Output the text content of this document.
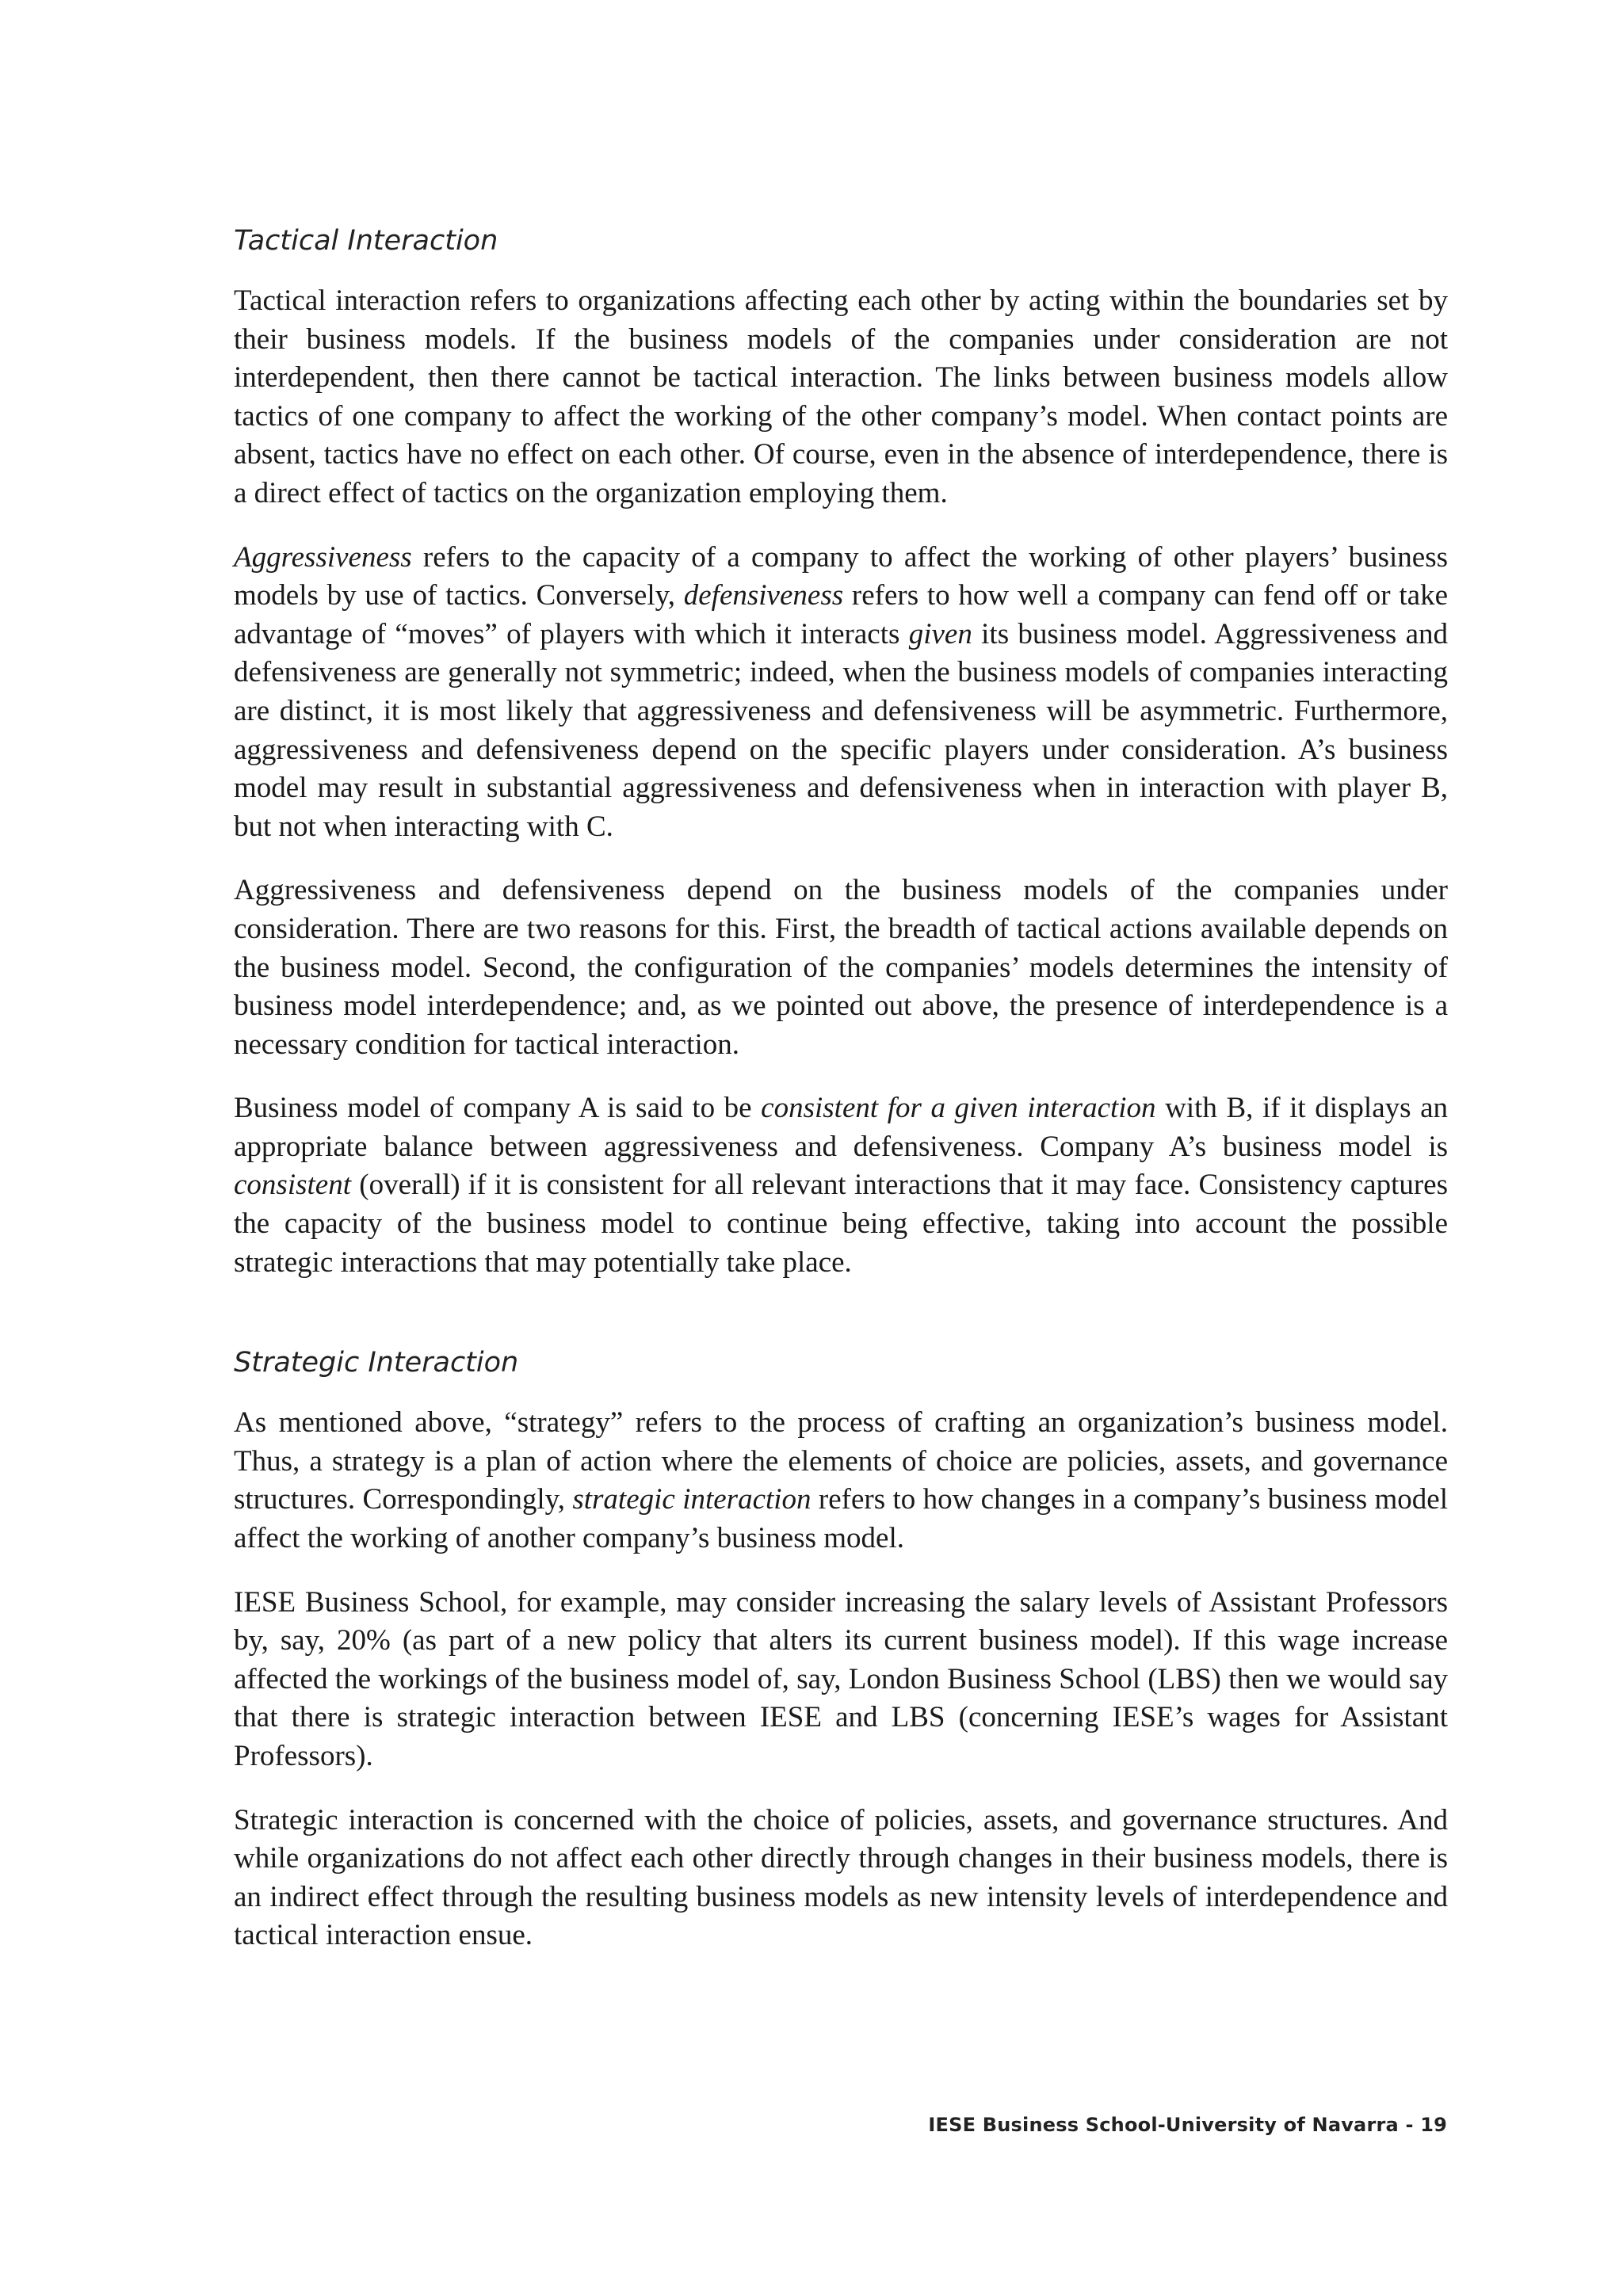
Tactical Interaction

Tactical interaction refers to organizations affecting each other by acting within the boundaries set by their business models. If the business models of the companies under consideration are not interdependent, then there cannot be tactical interaction. The links between business models allow tactics of one company to affect the working of the other company’s model. When contact points are absent, tactics have no effect on each other. Of course, even in the absence of interdependence, there is a direct effect of tactics on the organization employing them.

Aggressiveness refers to the capacity of a company to affect the working of other players’ business models by use of tactics. Conversely, defensiveness refers to how well a company can fend off or take advantage of “moves” of players with which it interacts given its business model. Aggressiveness and defensiveness are generally not symmetric; indeed, when the business models of companies interacting are distinct, it is most likely that aggressiveness and defensiveness will be asymmetric. Furthermore, aggressiveness and defensiveness depend on the specific players under consideration. A’s business model may result in substantial aggressiveness and defensiveness when in interaction with player B, but not when interacting with C.

Aggressiveness and defensiveness depend on the business models of the companies under consideration. There are two reasons for this. First, the breadth of tactical actions available depends on the business model. Second, the configuration of the companies’ models determines the intensity of business model interdependence; and, as we pointed out above, the presence of interdependence is a necessary condition for tactical interaction.

Business model of company A is said to be consistent for a given interaction with B, if it displays an appropriate balance between aggressiveness and defensiveness. Company A’s business model is consistent (overall) if it is consistent for all relevant interactions that it may face. Consistency captures the capacity of the business model to continue being effective, taking into account the possible strategic interactions that may potentially take place.

Strategic Interaction

As mentioned above, “strategy” refers to the process of crafting an organization’s business model. Thus, a strategy is a plan of action where the elements of choice are policies, assets, and governance structures. Correspondingly, strategic interaction refers to how changes in a company’s business model affect the working of another company’s business model.

IESE Business School, for example, may consider increasing the salary levels of Assistant Professors by, say, 20% (as part of a new policy that alters its current business model). If this wage increase affected the workings of the business model of, say, London Business School (LBS) then we would say that there is strategic interaction between IESE and LBS (concerning IESE’s wages for Assistant Professors).

Strategic interaction is concerned with the choice of policies, assets, and governance structures. And while organizations do not affect each other directly through changes in their business models, there is an indirect effect through the resulting business models as new intensity levels of interdependence and tactical interaction ensue.

IESE Business School-University of Navarra - 19
